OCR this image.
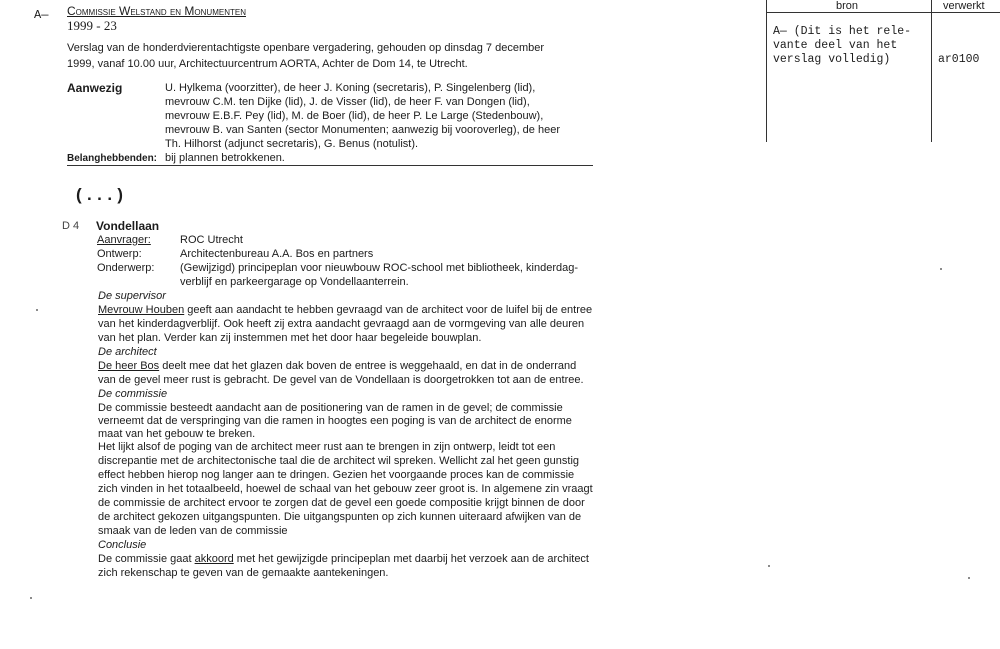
A— Commissie Welstand en Monumenten
1999 - 23
Verslag van de honderdvierentachtigste openbare vergadering, gehouden op dinsdag 7 december
1999, vanaf 10.00 uur, Architectuurcentrum AORTA, Achter de Dom 14, te Utrecht.
Aanwezig	U. Hylkema (voorzitter), de heer J. Koning (secretaris), P. Singelenberg (lid),
mevrouw C.M. ten Dijke (lid), J. de Visser (lid), de heer F. van Dongen (lid),
mevrouw E.B.F. Pey (lid), M. de Boer (lid), de heer P. Le Large (Stedenbouw),
mevrouw B. van Santen (sector Monumenten; aanwezig bij vooroverleg), de heer
Th. Hilhorst (adjunct secretaris), G. Benus (notulist).
Belanghebbenden: bij plannen betrokkenen.
(...)
D 4 Vondellaan
Aanvrager:	ROC Utrecht
Ontwerp:	Architectenbureau A.A. Bos en partners
Onderwerp: (Gewijzigd) principeplan voor nieuwbouw ROC-school met bibliotheek, kinderdag-
verblijf en parkeergarage op Vondellaanterrein.
De supervisor
Mevrouw Houben geeft aan aandacht te hebben gevraagd van de architect voor de luifel bij de entree
van het kinderdagverblijf. Ook heeft zij extra aandacht gevraagd aan de vormgeving van alle deuren
van het plan. Verder kan zij instemmen met het door haar begeleide bouwplan.
De architect
De heer Bos deelt mee dat het glazen dak boven de entree is weggehaald, en dat in de onderrand
van de gevel meer rust is gebracht. De gevel van de Vondellaan is doorgetrokken tot aan de entree.
De commissie
De commissie besteedt aandacht aan de positionering van de ramen in de gevel; de commissie
verneemt dat de verspringing van die ramen in hoogtes een poging is van de architect de enorme
maat van het gebouw te breken.
Het lijkt alsof de poging van de architect meer rust aan te brengen in zijn ontwerp, leidt tot een
discrepantie met de architectonische taal die de architect wil spreken. Wellicht zal het geen gunstig
effect hebben hierop nog langer aan te dringen. Gezien het voorgaande proces kan de commissie
zich vinden in het totaalbeeld, hoewel de schaal van het gebouw zeer groot is. In algemene zin vraagt
de commissie de architect ervoor te zorgen dat de gevel een goede compositie krijgt binnen de door
de architect gekozen uitgangspunten. Die uitgangspunten op zich kunnen uiteraard afwijken van de
smaak van de leden van de commissie
Conclusie
De commissie gaat akkoord met het gewijzigde principeplan met daarbij het verzoek aan de architect
zich rekenschap te geven van de gemaakte aantekeningen.
bron	verwerkt
A— (Dit is het rele-
vante deel van het
verslag volledig)	ar0100
